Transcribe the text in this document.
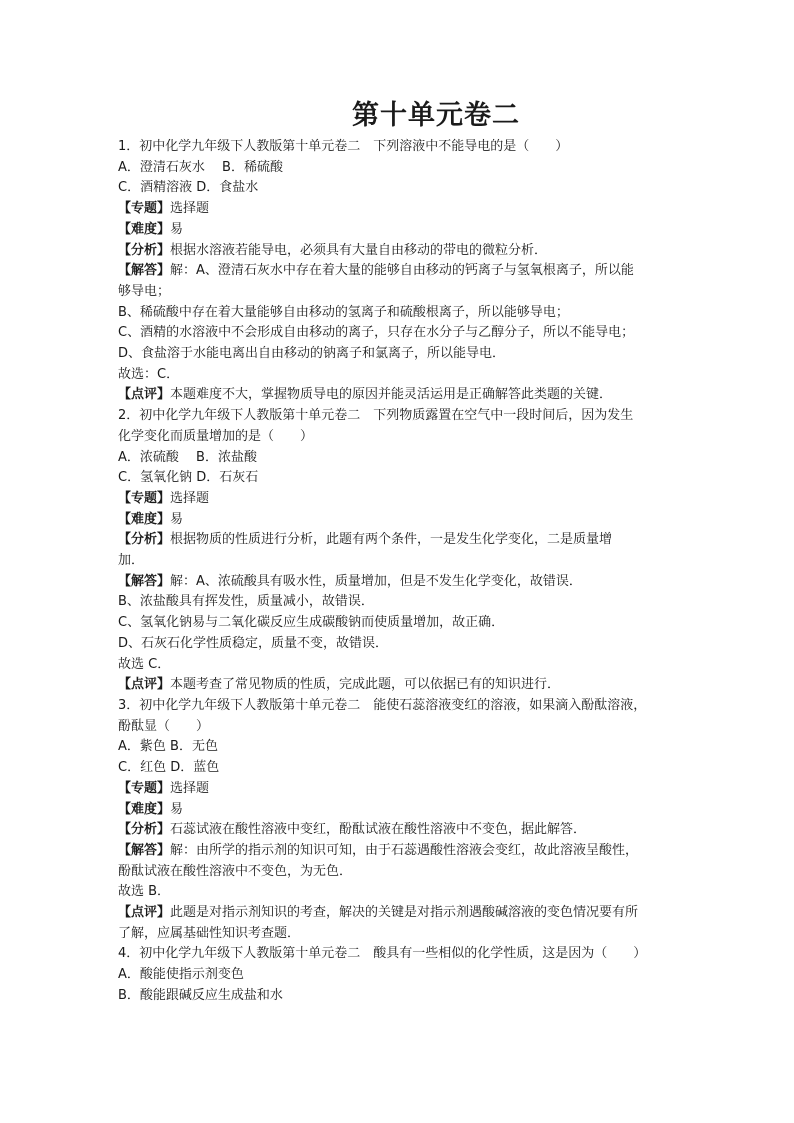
第十单元卷二
1．初中化学九年级下人教版第十单元卷二　下列溶液中不能导电的是（　　）
A．澄清石灰水　 B．稀硫酸
C．酒精溶液 D．食盐水
【专题】选择题
【难度】易
【分析】根据水溶液若能导电，必须具有大量自由移动的带电的微粒分析．
【解答】解：A、澄清石灰水中存在着大量的能够自由移动的钙离子与氢氧根离子，所以能
够导电；
B、稀硫酸中存在着大量能够自由移动的氢离子和硫酸根离子，所以能够导电；
C、酒精的水溶液中不会形成自由移动的离子，只存在水分子与乙醇分子，所以不能导电；
D、食盐溶于水能电离出自由移动的钠离子和氯离子，所以能导电．
故选：C．
【点评】本题难度不大，掌握物质导电的原因并能灵活运用是正确解答此类题的关键．
2．初中化学九年级下人教版第十单元卷二　下列物质露置在空气中一段时间后，因为发生
化学变化而质量增加的是（　　）
A．浓硫酸　 B．浓盐酸
C．氢氧化钠 D．石灰石
【专题】选择题
【难度】易
【分析】根据物质的性质进行分析，此题有两个条件，一是发生化学变化，二是质量增
加．
【解答】解：A、浓硫酸具有吸水性，质量增加，但是不发生化学变化，故错误．
B、浓盐酸具有挥发性，质量减小，故错误．
C、氢氧化钠易与二氧化碳反应生成碳酸钠而使质量增加，故正确．
D、石灰石化学性质稳定，质量不变，故错误．
故选 C．
【点评】本题考查了常见物质的性质，完成此题，可以依据已有的知识进行．
3．初中化学九年级下人教版第十单元卷二　能使石蕊溶液变红的溶液，如果滴入酚酞溶液，
酚酞显（　　）
A．紫色 B．无色
C．红色 D．蓝色
【专题】选择题
【难度】易
【分析】石蕊试液在酸性溶液中变红，酚酞试液在酸性溶液中不变色，据此解答．
【解答】解：由所学的指示剂的知识可知，由于石蕊遇酸性溶液会变红，故此溶液呈酸性，
酚酞试液在酸性溶液中不变色，为无色．
故选 B．
【点评】此题是对指示剂知识的考查，解决的关键是对指示剂遇酸碱溶液的变色情况要有所
了解，应属基础性知识考查题．
4．初中化学九年级下人教版第十单元卷二　酸具有一些相似的化学性质，这是因为（　　）
A．酸能使指示剂变色
B．酸能跟碱反应生成盐和水
